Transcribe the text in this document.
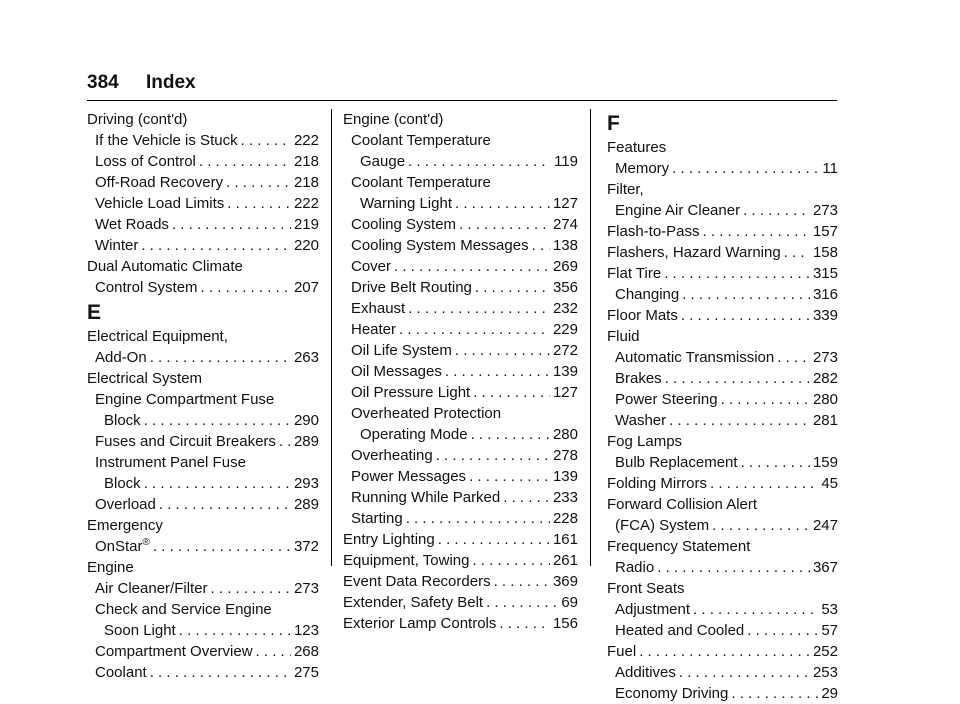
384 Index
Driving (cont'd)
If the Vehicle is Stuck . . .	222
Loss of Control . . .	218
Off-Road Recovery . . .	218
Vehicle Load Limits . . .	222
Wet Roads . . .	219
Winter . . .	220
Dual Automatic Climate
Control System . . .	207
E
Electrical Equipment,
Add-On . . .	263
Electrical System
Engine Compartment Fuse
Block . . .	290
Fuses and Circuit Breakers . . . 289
Instrument Panel Fuse
Block . . .	293
Overload . . .	289
Emergency
OnStar® . . .	372
Engine
Air Cleaner/Filter . . .	273
Check and Service Engine
Soon Light . . .	123
Compartment Overview . . .	268
Coolant . . .	275
Engine (cont'd)
Coolant Temperature
Gauge . . .	119
Coolant Temperature
Warning Light . . .	127
Cooling System . . .	274
Cooling System Messages . . . 138
Cover . . .	269
Drive Belt Routing . . .	356
Exhaust . . .	232
Heater . . .	229
Oil Life System . . .	272
Oil Messages . . .	139
Oil Pressure Light . . .	127
Overheated Protection
Operating Mode . . .	280
Overheating . . .	278
Power Messages . . .	139
Running While Parked . . .	233
Starting . . .	228
Entry Lighting . . .	161
Equipment, Towing . . .	261
Event Data Recorders . . .	369
Extender, Safety Belt . . .	69
Exterior Lamp Controls . . .	156
F
Features
Memory . . .	11
Filter,
Engine Air Cleaner . . .	273
Flash-to-Pass . . .	157
Flashers, Hazard Warning . . . 158
Flat Tire . . .	315
Changing . . .	316
Floor Mats . . .	339
Fluid
Automatic Transmission . . .	273
Brakes . . .	282
Power Steering . . .	280
Washer . . .	281
Fog Lamps
Bulb Replacement . . .	159
Folding Mirrors . . .	45
Forward Collision Alert
(FCA) System . . .	247
Frequency Statement
Radio . . .	367
Front Seats
Adjustment . . .	53
Heated and Cooled . . .	57
Fuel . . .	252
Additives . . .	253
Economy Driving . . .	29
